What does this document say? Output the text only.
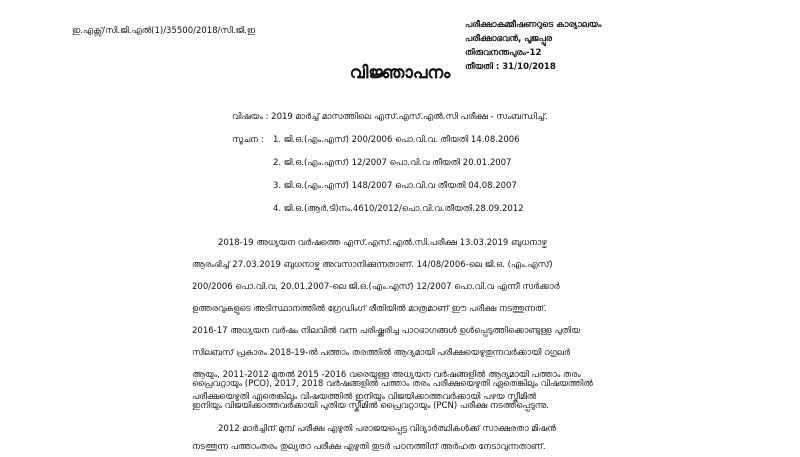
ഇ.എക്സ്/സി.ജി.എൽ(1)/35500/2018/സി.ജി.ഇ
പരീക്ഷാകമ്മീഷണറുടെ കാര്യാലയം
പരീക്ഷാഭവൻ, പൂജപ്പുര
തിരുവനന്തപുരം-12
തീയതി : 31/10/2018
വിജ്ഞാപനം
വിഷയം : 2019 മാർച്ച് മാസത്തിലെ എസ്.എസ്.എൽ.സി പരീക്ഷ - സംബന്ധിച്ച്.
സൂചന : 1. ജി.ഒ.(എം.എസ്) 200/2006 പൊ.വി.വ. തീയതി 14.08.2006
2. ജി.ഒ.(എം.എസ്) 12/2007 പൊ.വി.വ തീയതി 20.01.2007
3. ജി.ഒ.(എം.എസ്) 148/2007 പൊ.വി.വ തീയതി 04.08.2007
4. ജി.ഒ.(ആർ.ടി)നം.4610/2012/പൊ.വി.വ.തീയതി.28.09.2012

2018-19 അധ്യയന വർഷത്തെ എസ്.എസ്.എൽ.സി.പരീക്ഷ 13.03.2019 ബുധനാഴ്ച
ആരംഭിച്ച് 27.03.2019 ബുധനാഴ്ച അവസാനിക്കുന്നതാണ്. 14/08/2006-ലെ ജി.ഒ. (എം.എസ്)
200/2006 പൊ.വി.വ, 20.01.2007-ലെ ജി.ഒ.(എം.എസ്) 12/2007 പൊ.വി.വ എന്നീ സർക്കാർ
ഉത്തരവുകളുടെ അടിസ്ഥാനത്തിൽ ഗ്രേഡിംഗ് രീതിയിൽ മാത്രമാണ് ഈ പരീക്ഷ നടത്തുന്നത്.
2016-17 അധ്യയന വർഷം നിലവിൽ വന്ന പരിഷ്ക്കരിച്ച പാഠഭാഗങ്ങൾ ഉൾപ്പെടുത്തിക്കൊണ്ടുള്ള പുതിയ
സിലബസ് പ്രകാരം 2018-19-ൽ പത്താം തരത്തിൽ ആദ്യമായി പരീക്ഷയെഴുതുന്നവർക്കായി റഗുലർ
ആയും, 2011-2012 മുതൽ 2015 -2016 വരെയുള്ള അധ്യയന വർഷങ്ങളിൽ ആദ്യമായി പത്താം തരം
പരീക്ഷയെഴുതി ഏതെങ്കിലും വിഷയത്തിൽ ഇനിയും വിജയിക്കാത്തവർക്കായി പഴയ സ്കീമിൽ

പ്രൈവറ്റായും (PCO), 2017, 2018 വർഷങ്ങളിൽ പത്താം തരം പരീക്ഷയെഴുതി ഏതെങ്കിലും വിഷയത്തിൽ
ഇനിയും വിജയിക്കാത്തവർക്കായി പുതിയ സ്കീമിൽ പ്രൈവറ്റായും (PCN) പരീക്ഷ നടത്തപ്പെടുന്നു.

2012 മാർച്ചിന് മുമ്പ് പരീക്ഷ എഴുതി പരാജയപ്പെട്ട വിദ്യാർത്ഥികൾക്ക് സാക്ഷരതാ മിഷൻ
നടത്തുന്ന പത്താംതരം തുല്യതാ പരീക്ഷ എഴുതി തുടർ പഠനത്തിന് അർഹത നേടാവുന്നതാണ്.
